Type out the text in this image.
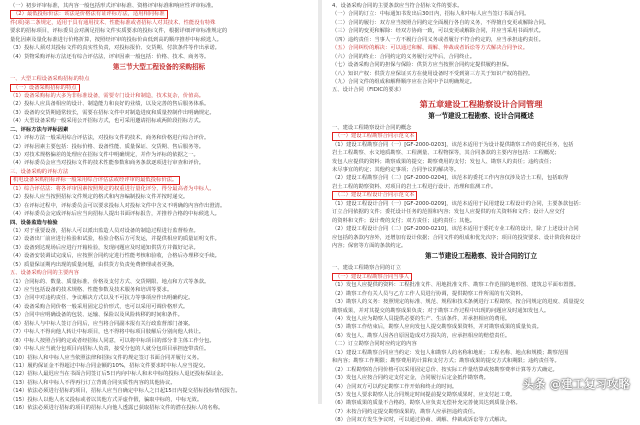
（一）初步评审标准，其内容一般包括形式评审标准、资格评审标准和响应性评审标准。
（2）最低投标价法：该法是价格法有证评标方法，适用相同标准
件(项)第二条规定，适用于具有通用技术、性能标准或者招标人对其技术、性能没有特殊
要求的招标项目，评标委员会对满足招标文件实质要求的投标文件，根据详细评审标准规定的
量化因素及量化标准进行价格折算，按照经评审的投标价由低到高的顺序推荐中标候选人。
（3）投标人须对其投标文件的真实性负责，对投标报价、交货期、付款条件等作出承诺。
（4）货物采购评标方法还有综合评估法，评审因素一般包括：价格、技术、商务等。
第三节大型工程设备的采购招标
一、大型工程设备采购招标的特点
（一）设备采购招标的特点
（1）设备采购标的大多为非标准设备，需要专门设计和制造，技术复杂，价值高。
（2）投标人应具备相应的设计、制造能力和良好的业绩，以及完善的售后服务体系。
（3）设备的交货期通常较长，需要在招标文件中对制造进度和质量控制作出明确规定。
（4）大型设备采购一般采用公开招标方式，也可采用邀请招标或两阶段招标方式。
二、评标方法与评标因素
（1）评标方法一般采用综合评估法，对投标文件的技术、商务和价格进行综合评价。
（2）评标因素主要包括：投标价格、设备性能、质量保证、交货期、售后服务等。
（3）对技术规格偏差的处理应在招标文件中明确规定，并作为评标的依据之一。
（4）评标委员会应当对投标文件的技术性能参数和商务条款逐项进行审查和评价。
三、设备采购的评标方法
机电设备采购招标评标一般采用综合评估法或经评审的最低投标价法。
（1）综合评估法：将各评审因素按照规定的权重进行量化评分，得分最高者为中标人。
（2）投标人应当按照招标文件规定的格式和内容编制投标文件并按时递交。
（3）在评标过程中，评标委员会可以要求投标人对投标文件中含义不明确的内容作出澄清。
（4）评标委员会完成评标后应当向招标人提出书面评标报告，并推荐合格的中标候选人。
四、设备监造与检验
（1）对于重要设备，招标人可以派出监造人员对设备的制造过程进行监督检查。
（2）设备出厂前应进行检验和试验，检验合格后方可发运，并提供相应的质量证明文件。
（3）设备到达现场后应进行开箱检验，发现问题应及时通知供货方并做好记录。
（4）设备安装调试完成后，应按照合同约定进行性能考核和验收，合格后办理移交手续。
（5）质量保证期内出现的质量问题，由供货方负责免费修理或者更换。
五、设备采购合同的主要内容
（1）合同标的、数量、质量标准、价格及支付方式、交货期限、地点和方式等条款。
（2）应当包括设备的技术规格、性能参数及技术服务和培训等要求。
（3）合同中对违约责任、争议解决方式以及不可抗力等事项应作出明确约定。
（4）设备采购合同价格一般采用固定总价形式，也可以采用可调价格形式。
（5）合同中应明确设备的包装、运输、保险以及风险转移的时间和条件。
（6）招标人与中标人签订合同后，应当将合同副本报有关行政监督部门备案。
（7）中标人不得向他人转让中标项目，也不得将中标项目肢解后分别向他人转让。
（8）中标人按照合同约定或者经招标人同意，可以将中标项目的部分非主体工作分包。
（9）中标人应当就分包项目向招标人负责，接受分包的人就分包项目承担连带责任。
（10）招标人和中标人应当依照法律和招标文件的规定签订书面合同并履行义务。
（11）履约保证金不得超过中标合同金额的10%，招标文件要求时中标人应当提交。
（12）招标人最迟应当在书面合同签订后5日内向中标人和未中标的投标人退还投标保证金。
（13）招标人和中标人不得再行订立背离合同实质性内容的其他协议。
（14）依法必须进行招标的项目，招标人应当自确定中标人之日起15日内提交招标投标情况报告。
（15）投标人以他人名义投标或者以其他方式弄虚作假，骗取中标的，中标无效。
（16）依法必须进行招标的项目的招标人向他人透露已获取招标文件的潜在投标人的名称。
4、设备采购合同的主要条款应当符合招标文件的要求。
（一）合同的订立：中标通知书发出后30日内，招标人和中标人应当签订书面合同。
（二）合同的履行：双方应当按照合同约定全面履行各自的义务，不得擅自变更或解除合同。
（三）合同的变更和解除：经双方协商一致，可以变更或解除合同，并应当采用书面形式。
（四）违约责任：当事人一方不履行合同义务或者履行不符合约定的，应当承担违约责任。
（五）合同纠纷的解决：可以通过和解、调解、仲裁或者诉讼等方式解决合同争议。
（六）合同的终止：合同约定的义务履行完毕后，合同终止。
（七）设备采购合同的担保与保险：供货方应当按照合同约定提供履约担保。
（八）知识产权：供货方应保证买方在使用设备时不受到第三方关于知识产权的指控。
（九）合同文件的组成和解释顺序应在合同中予以明确规定。
五、设计合同（FIDIC的要求）
第五章建设工程勘察设计合同管理
第一节建设工程勘察、设计合同概述
一、建设工程勘察设计合同的概念
（一）建设工程勘察合同示范文本
（1）建设工程勘察合同（一）[GF-2000-0203]，该范本适用于为设计提供勘察工作的委托任务，包括
岩土工程勘察、水文地质勘察、工程测量、工程物探等，其合同条款的主要内容包括：工程概况；
发包人应提供的资料；勘察成果的提交；勘察费用的支付；发包人、勘察人的责任；违约责任；
未尽事宜的约定；其他约定事项；合同争议的解决等。
（2）建设工程勘察合同（二）[GF-2000-0204]，该范本的委托工作内容仅涉及岩土工程，包括取得
岩土工程的勘察资料、对项目的岩土工程进行设计、治理和监测工作。
（二）建设工程设计合同示范文本
（1）建设工程设计合同（一）[GF-2000-0209]，该范本适用于民用建设工程设计的合同，主要条款包括：
订立合同依据的文件；委托设计任务的范围和内容；发包人应提供的有关资料和文件；设计人应交付
的资料和文件；设计费的支付；双方责任；违约责任；其他。
（2）建设工程设计合同（二）[GF-2000-0210]，该范本适用于委托专业工程的设计，除了上述设计合同
应包括的条款内容外，还增加有设计依据；合同文件的组成和优先次序；项目的投资要求、设计阶段和设计
内容；保密等方面的条款约定。
第二节建设工程勘察、设计合同的订立
一、建设工程勘察合同的订立
（一）建设工程勘察合同当事人
（1）发包人应提供的资料：工程批准文件、用地批准文件、勘察工作范围的地形图、建筑总平面布置图。
（2）勘察工作有关人员与乙方工作人员进行协调，提供勘察工作所需的有关资料。
（3）勘察人的义务：按照规定的标准、规范、规程和技术条例进行工程勘察，按合同规定的进度、质量提交
勘察成果，并对其提交的勘察成果负责；对于勘察工作过程中出现的问题应及时通知发包人。
（4）发包人应为勘察人员提供必要的生产、生活条件，并承担相应的费用。
（5）勘察工作结束后，勘察人应向发包人提交勘察成果资料，并对勘察成果的质量负责。
（6）发包人、勘察人因各自原因造成对方损失的，应承担相应的赔偿责任。
（二）订立勘察合同时应约定的内容
（1）建设工程勘察合同应当约定：发包人和勘察人的名称和地址；工程名称、地点和规模；勘察范围
和内容；勘察工作期限；勘察费用的计算和支付方式；勘察成果的提交方式和期限；违约责任等。
（2）工程勘察的合同价格可以采用固定总价、按实际工作量结算或按勘察费率计算等方式确定。
（3）发包人应按合同约定支付定金，合同履行后定金抵作勘察费。
（4）合同双方可以约定勘察工作开始和终止的时间。
（5）发包人要求勘察人比合同规定时间提前提交勘察成果时，应支付赶工费。
（6）勘察成果的质量不合格的，勘察人应负责无偿补充完善使其达到质量合格。
（7）未按合同约定提交勘察成果的，勘察人应承担违约责任。
（8）合同双方发生争议时，可以通过协商、调解、仲裁或诉讼等方式解决。
头条 @建工复习攻略
